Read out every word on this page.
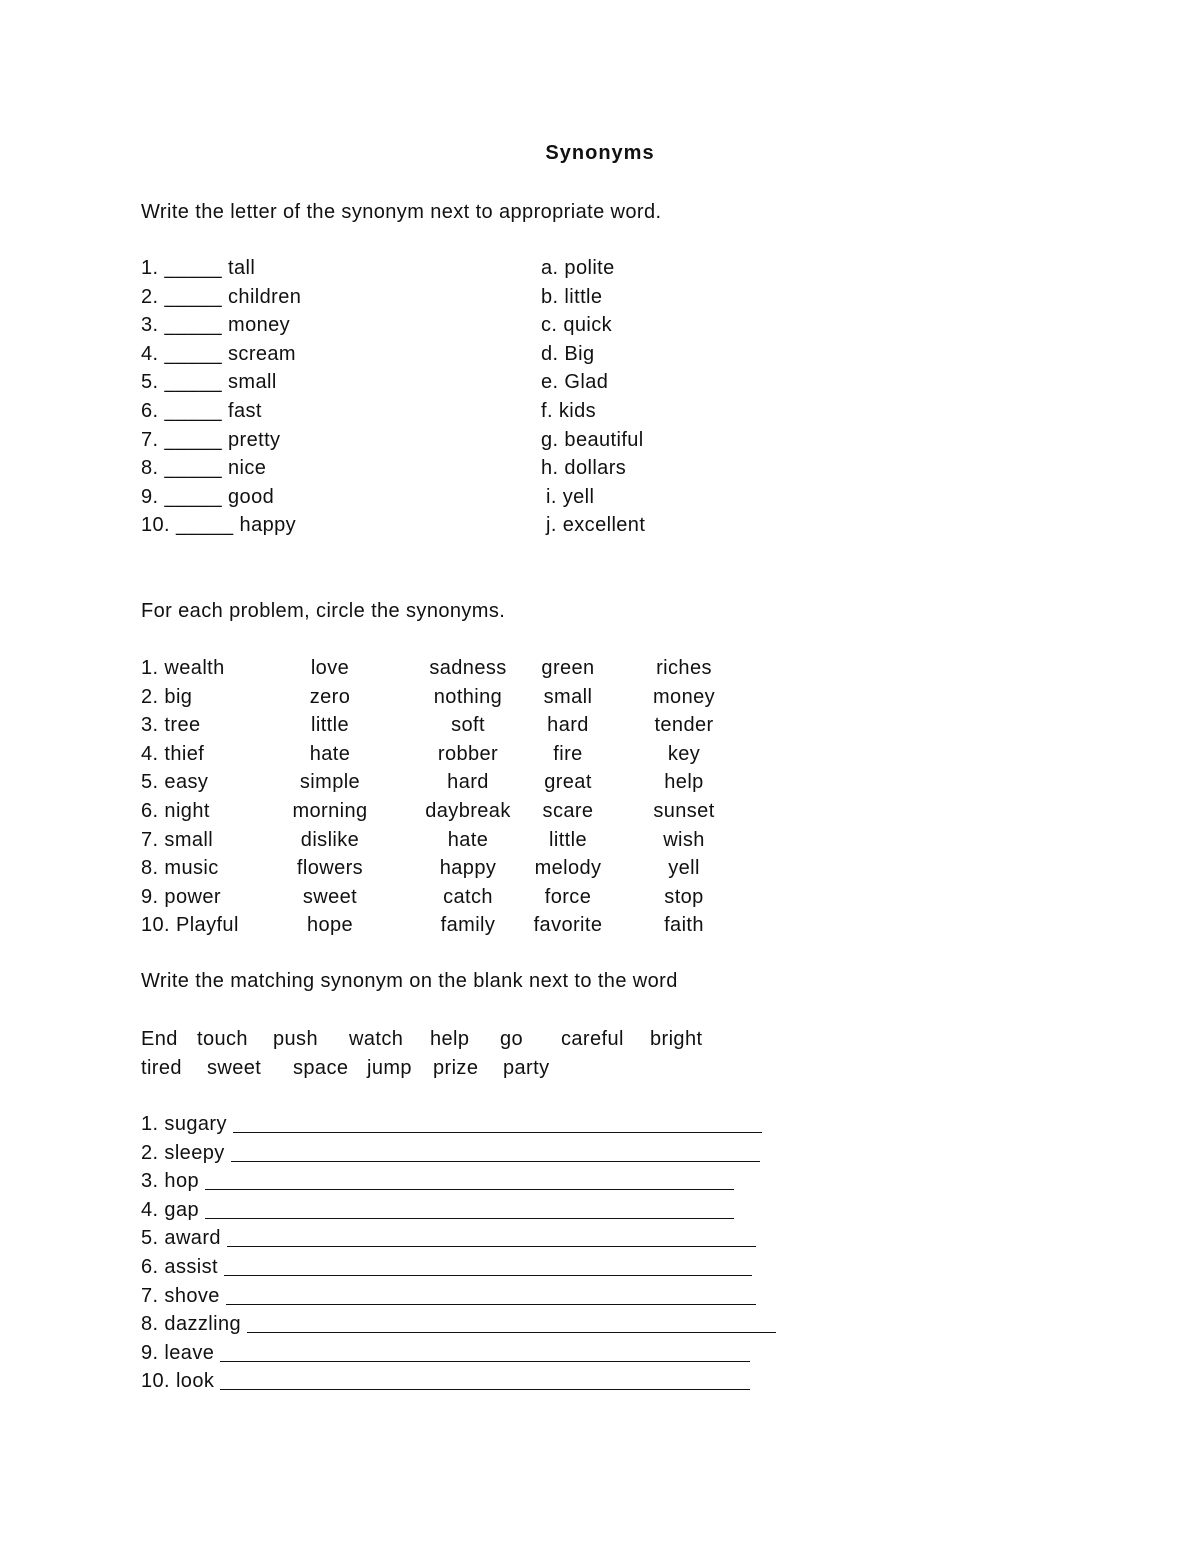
Synonyms
Write the letter of the synonym next to appropriate word.
1. _____ tall	a. polite
2. _____ children	b. little
3. _____ money	c. quick
4. _____ scream	d. Big
5. _____ small	e. Glad
6. _____ fast	f. kids
7. _____ pretty	g. beautiful
8. _____ nice	h. dollars
9. _____ good	i. yell
10. _____ happy	j. excellent
For each problem, circle the synonyms.
1. wealth	love	sadness	green	riches
2. big	zero	nothing	small	money
3. tree	little	soft	hard	tender
4. thief	hate	robber	fire	key
5. easy	simple	hard	great	help
6. night	morning	daybreak	scare	sunset
7. small	dislike	hate	little	wish
8. music	flowers	happy	melody	yell
9. power	sweet	catch	force	stop
10. Playful	hope	family	favorite	faith
Write the matching synonym on the blank next to the word
End touch push watch help go careful bright
tired sweet space jump prize party
1. sugary
2. sleepy
3. hop
4. gap
5. award
6. assist
7. shove
8. dazzling
9. leave
10. look
